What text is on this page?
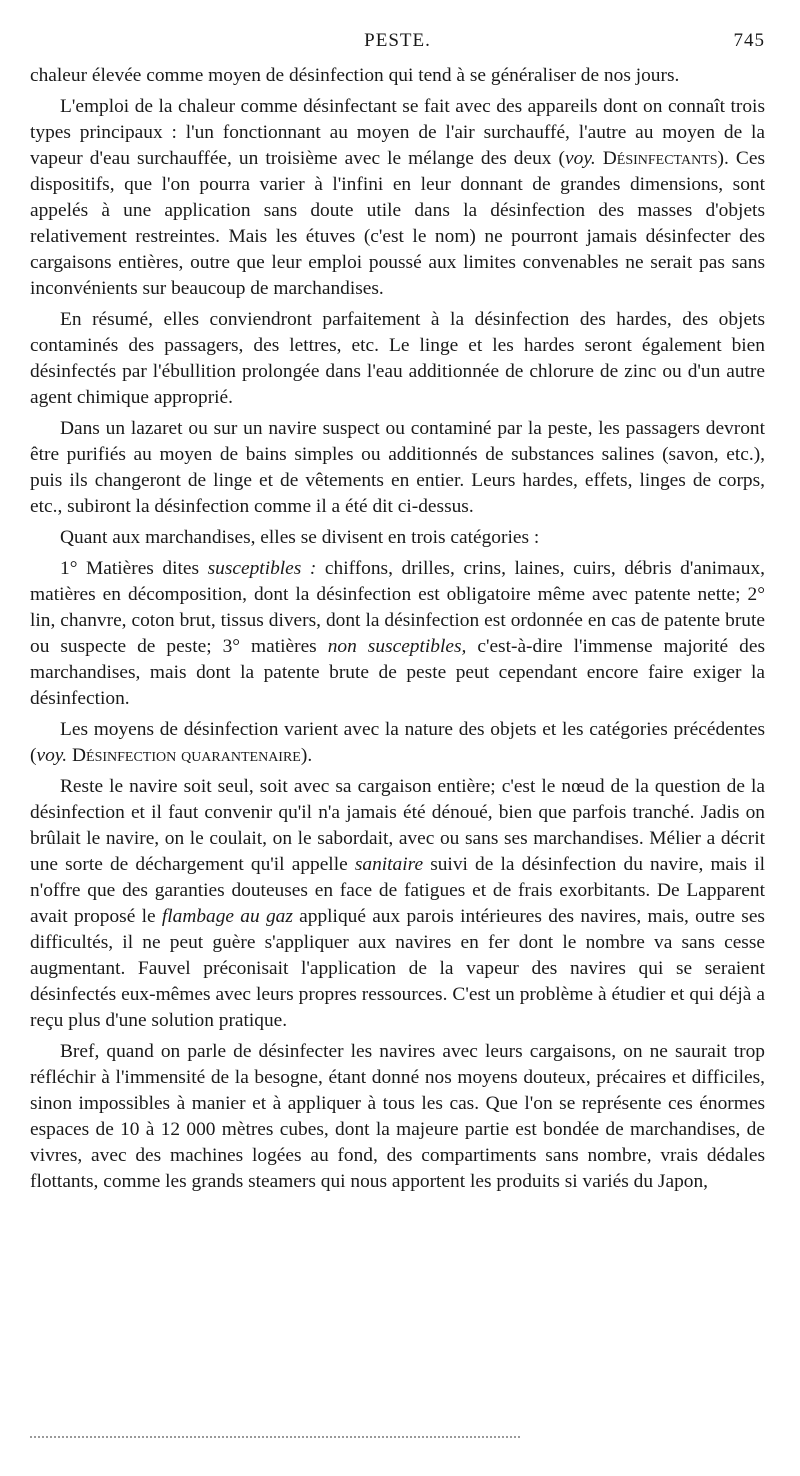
PESTE.	745

chaleur élevée comme moyen de désinfection qui tend à se généraliser de nos jours.

L'emploi de la chaleur comme désinfectant se fait avec des appareils dont on connaît trois types principaux : l'un fonctionnant au moyen de l'air surchauffé, l'autre au moyen de la vapeur d'eau surchauffée, un troisième avec le mélange des deux (voy. Désinfectants). Ces dispositifs, que l'on pourra varier à l'infini en leur donnant de grandes dimensions, sont appelés à une application sans doute utile dans la désinfection des masses d'objets relativement restreintes. Mais les étuves (c'est le nom) ne pourront jamais désinfecter des cargaisons entières, outre que leur emploi poussé aux limites convenables ne serait pas sans inconvénients sur beaucoup de marchandises.

En résumé, elles conviendront parfaitement à la désinfection des hardes, des objets contaminés des passagers, des lettres, etc. Le linge et les hardes seront également bien désinfectés par l'ébullition prolongée dans l'eau additionnée de chlorure de zinc ou d'un autre agent chimique approprié.

Dans un lazaret ou sur un navire suspect ou contaminé par la peste, les passagers devront être purifiés au moyen de bains simples ou additionnés de substances salines (savon, etc.), puis ils changeront de linge et de vêtements en entier. Leurs hardes, effets, linges de corps, etc., subiront la désinfection comme il a été dit ci-dessus.

Quant aux marchandises, elles se divisent en trois catégories :

1° Matières dites susceptibles : chiffons, drilles, crins, laines, cuirs, débris d'animaux, matières en décomposition, dont la désinfection est obligatoire même avec patente nette; 2° lin, chanvre, coton brut, tissus divers, dont la désinfection est ordonnée en cas de patente brute ou suspecte de peste; 3° matières non susceptibles, c'est-à-dire l'immense majorité des marchandises, mais dont la patente brute de peste peut cependant encore faire exiger la désinfection.

Les moyens de désinfection varient avec la nature des objets et les catégories précédentes (voy. Désinfection quarantenaire).

Reste le navire soit seul, soit avec sa cargaison entière; c'est le nœud de la question de la désinfection et il faut convenir qu'il n'a jamais été dénoué, bien que parfois tranché. Jadis on brûlait le navire, on le coulait, on le sabordait, avec ou sans ses marchandises. Mélier a décrit une sorte de déchargement qu'il appelle sanitaire suivi de la désinfection du navire, mais il n'offre que des garanties douteuses en face de fatigues et de frais exorbitants. De Lapparent avait proposé le flambage au gaz appliqué aux parois intérieures des navires, mais, outre ses difficultés, il ne peut guère s'appliquer aux navires en fer dont le nombre va sans cesse augmentant. Fauvel préconisait l'application de la vapeur des navires qui se seraient désinfectés eux-mêmes avec leurs propres ressources. C'est un problème à étudier et qui déjà a reçu plus d'une solution pratique.

Bref, quand on parle de désinfecter les navires avec leurs cargaisons, on ne saurait trop réfléchir à l'immensité de la besogne, étant donné nos moyens douteux, précaires et difficiles, sinon impossibles à manier et à appliquer à tous les cas. Que l'on se représente ces énormes espaces de 10 à 12 000 mètres cubes, dont la majeure partie est bondée de marchandises, de vivres, avec des machines logées au fond, des compartiments sans nombre, vrais dédales flottants, comme les grands steamers qui nous apportent les produits si variés du Japon,
